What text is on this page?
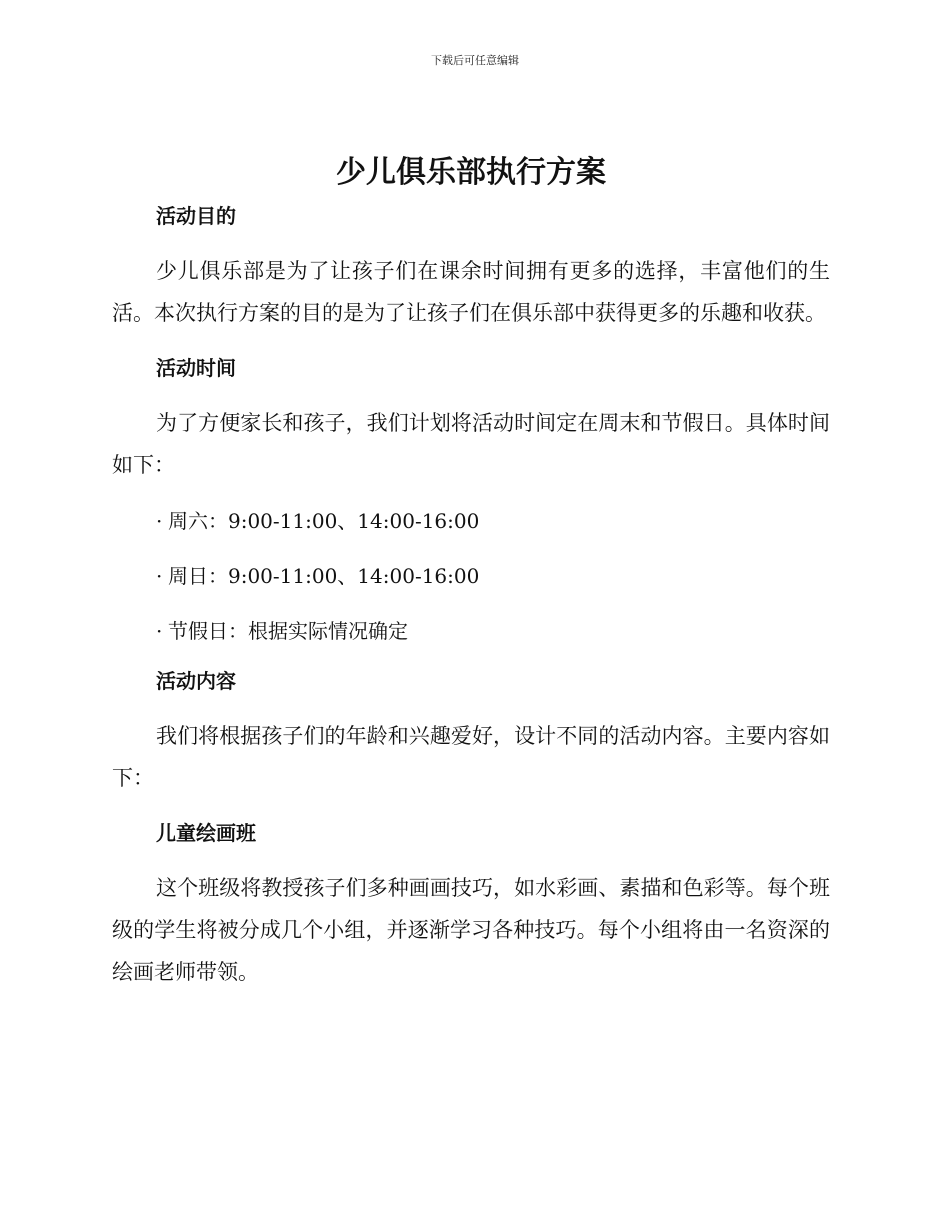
下载后可任意编辑
少儿俱乐部执行方案
活动目的

少儿俱乐部是为了让孩子们在课余时间拥有更多的选择，丰富他们的生活。本次执行方案的目的是为了让孩子们在俱乐部中获得更多的乐趣和收获。

活动时间

为了方便家长和孩子，我们计划将活动时间定在周末和节假日。具体时间如下：

· 周六：9:00-11:00、14:00-16:00

· 周日：9:00-11:00、14:00-16:00

· 节假日：根据实际情况确定

活动内容

我们将根据孩子们的年龄和兴趣爱好，设计不同的活动内容。主要内容如下：

儿童绘画班

这个班级将教授孩子们多种画画技巧，如水彩画、素描和色彩等。每个班级的学生将被分成几个小组，并逐渐学习各种技巧。每个小组将由一名资深的绘画老师带领。
